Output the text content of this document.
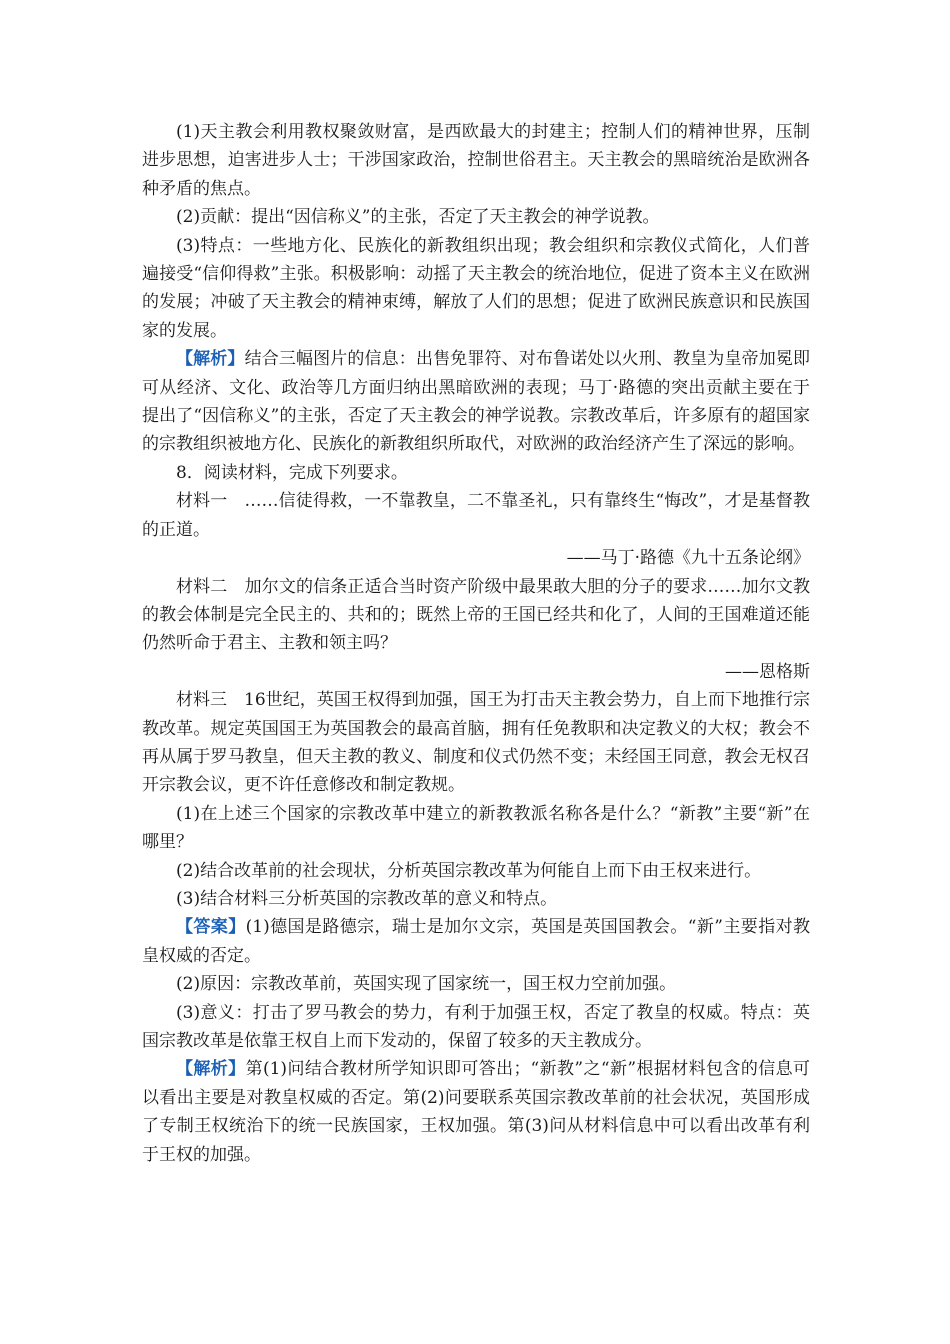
(1)天主教会利用教权聚敛财富，是西欧最大的封建主；控制人们的精神世界，压制进步思想，迫害进步人士；干涉国家政治，控制世俗君主。天主教会的黑暗统治是欧洲各种矛盾的焦点。

(2)贡献：提出“因信称义”的主张，否定了天主教会的神学说教。

(3)特点：一些地方化、民族化的新教组织出现；教会组织和宗教仪式简化，人们普遍接受“信仰得救”主张。积极影响：动摇了天主教会的统治地位，促进了资本主义在欧洲的发展；冲破了天主教会的精神束缚，解放了人们的思想；促进了欧洲民族意识和民族国家的发展。

【解析】结合三幅图片的信息：出售免罪符、对布鲁诺处以火刑、教皇为皇帝加冕即可从经济、文化、政治等几方面归纳出黑暗欧洲的表现；马丁·路德的突出贡献主要在于提出了“因信称义”的主张，否定了天主教会的神学说教。宗教改革后，许多原有的超国家的宗教组织被地方化、民族化的新教组织所取代，对欧洲的政治经济产生了深远的影响。

8．阅读材料，完成下列要求。

材料一　……信徒得救，一不靠教皇，二不靠圣礼，只有靠终生“悔改”，才是基督教的正道。

——马丁·路德《九十五条论纲》

材料二　加尔文的信条正适合当时资产阶级中最果敢大胆的分子的要求……加尔文教的教会体制是完全民主的、共和的；既然上帝的王国已经共和化了，人间的王国难道还能仍然听命于君主、主教和领主吗？

——恩格斯

材料三　16世纪，英国王权得到加强，国王为打击天主教会势力，自上而下地推行宗教改革。规定英国国王为英国教会的最高首脑，拥有任免教职和决定教义的大权；教会不再从属于罗马教皇，但天主教的教义、制度和仪式仍然不变；未经国王同意，教会无权召开宗教会议，更不许任意修改和制定教规。

(1)在上述三个国家的宗教改革中建立的新教教派名称各是什么？“新教”主要“新”在哪里？

(2)结合改革前的社会现状，分析英国宗教改革为何能自上而下由王权来进行。

(3)结合材料三分析英国的宗教改革的意义和特点。

【答案】(1)德国是路德宗，瑞士是加尔文宗，英国是英国国教会。“新”主要指对教皇权威的否定。

(2)原因：宗教改革前，英国实现了国家统一，国王权力空前加强。

(3)意义：打击了罗马教会的势力，有利于加强王权，否定了教皇的权威。特点：英国宗教改革是依靠王权自上而下发动的，保留了较多的天主教成分。

【解析】第(1)问结合教材所学知识即可答出；“新教”之“新”根据材料包含的信息可以看出主要是对教皇权威的否定。第(2)问要联系英国宗教改革前的社会状况，英国形成了专制王权统治下的统一民族国家，王权加强。第(3)问从材料信息中可以看出改革有利于王权的加强。
